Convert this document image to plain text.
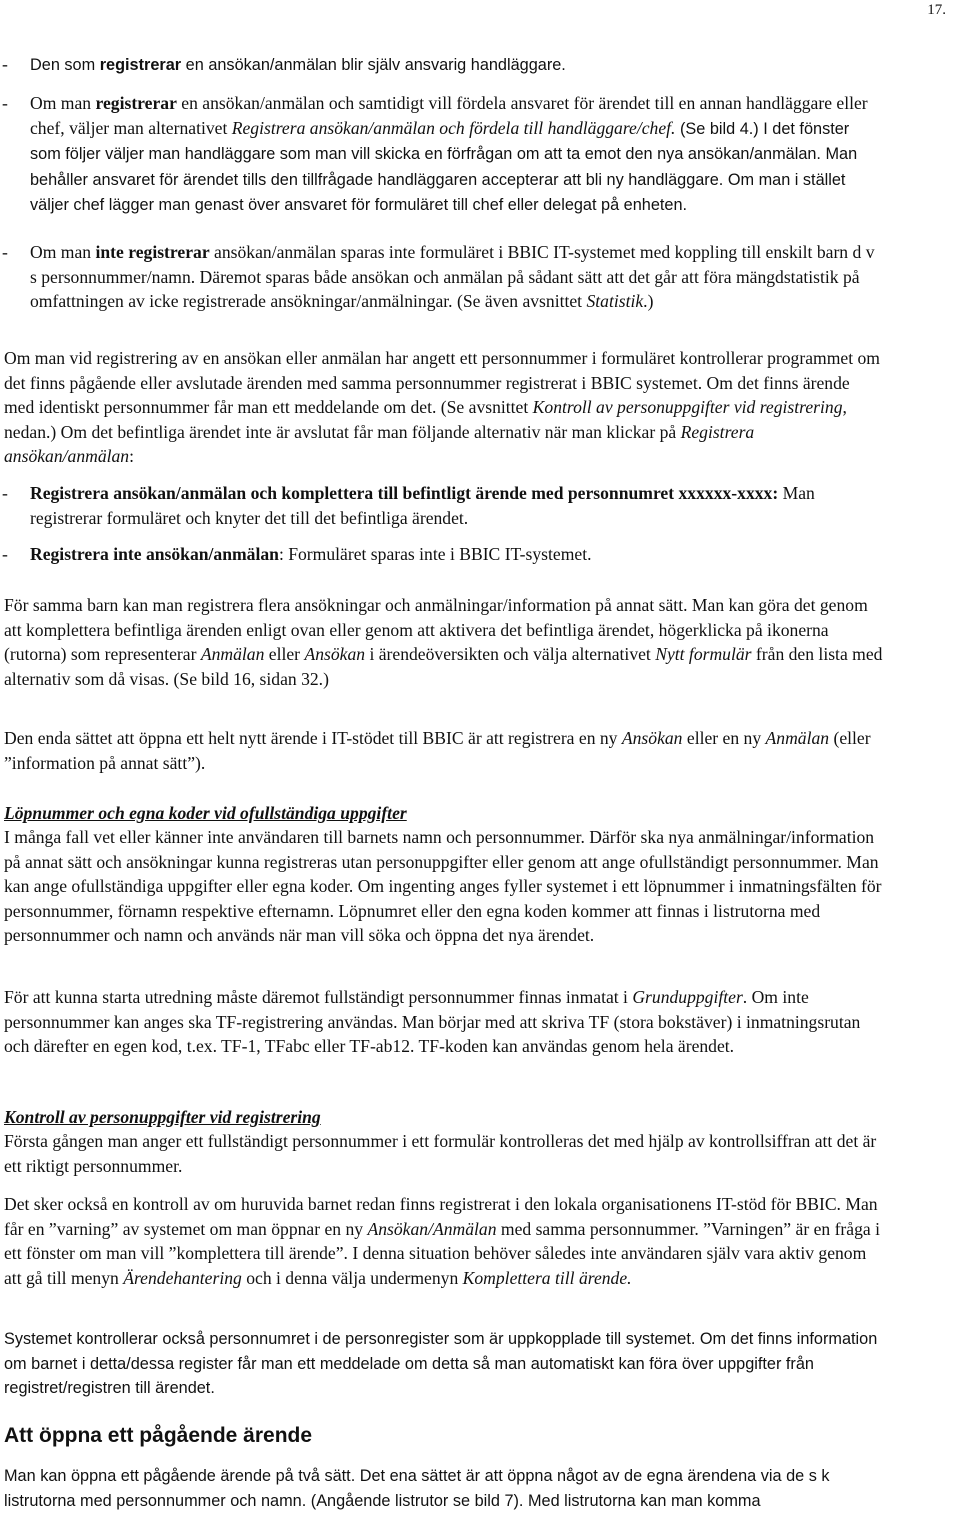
17.
- Den som registrerar en ansökan/anmälan blir själv ansvarig handläggare.
- Om man registrerar en ansökan/anmälan och samtidigt vill fördela ansvaret för ärendet till en annan handläggare eller chef, väljer man alternativet Registrera ansökan/anmälan och fördela till handläggare/chef. (Se bild 4.) I det fönster som följer väljer man handläggare som man vill skicka en förfrågan om att ta emot den nya ansökan/anmälan. Man behåller ansvaret för ärendet tills den tillfrågade handläggaren accepterar att bli ny handläggare. Om man i stället väljer chef lägger man genast över ansvaret för formuläret till chef eller delegat på enheten.
- Om man inte registrerar ansökan/anmälan sparas inte formuläret i BBIC IT-systemet med koppling till enskilt barn d v s personnummer/namn. Däremot sparas både ansökan och anmälan på sådant sätt att det går att föra mängdstatistik på omfattningen av icke registrerade ansökningar/anmälningar. (Se även avsnittet Statistik.)

Om man vid registrering av en ansökan eller anmälan har angett ett personnummer i formuläret kontrollerar programmet om det finns pågående eller avslutade ärenden med samma personnummer registrerat i BBIC systemet. Om det finns ärende med identiskt personnummer får man ett meddelande om det. (Se avsnittet Kontroll av personuppgifter vid registrering, nedan.) Om det befintliga ärendet inte är avslutat får man följande alternativ när man klickar på Registrera ansökan/anmälan:

- Registrera ansökan/anmälan och komplettera till befintligt ärende med personnumret xxxxxx-xxxx: Man registrerar formuläret och knyter det till det befintliga ärendet.
- Registrera inte ansökan/anmälan: Formuläret sparas inte i BBIC IT-systemet.

För samma barn kan man registrera flera ansökningar och anmälningar/information på annat sätt. Man kan göra det genom att komplettera befintliga ärenden enligt ovan eller genom att aktivera det befintliga ärendet, högerklicka på ikonerna (rutorna) som representerar Anmälan eller Ansökan i ärendeöversikten och välja alternativet Nytt formulär från den lista med alternativ som då visas. (Se bild 16, sidan 32.)

Den enda sättet att öppna ett helt nytt ärende i IT-stödet till BBIC är att registrera en ny Ansökan eller en ny Anmälan (eller ”information på annat sätt”).

Löpnummer och egna koder vid ofullständiga uppgifter

I många fall vet eller känner inte användaren till barnets namn och personnummer. Därför ska nya anmälningar/information på annat sätt och ansökningar kunna registreras utan personuppgifter eller genom att ange ofullständigt personnummer. Man kan ange ofullständiga uppgifter eller egna koder. Om ingenting anges fyller systemet i ett löpnummer i inmatningsfälten för personnummer, förnamn respektive efternamn. Löpnumret eller den egna koden kommer att finnas i listrutorna med personnummer och namn och används när man vill söka och öppna det nya ärendet.

För att kunna starta utredning måste däremot fullständigt personnummer finnas inmatat i Grunduppgifter. Om inte personnummer kan anges ska TF-registrering användas. Man börjar med att skriva TF (stora bokstäver) i inmatningsrutan och därefter en egen kod, t.ex. TF-1, TFabc eller TF-ab12. TF-koden kan användas genom hela ärendet.

Kontroll av personuppgifter vid registrering

Första gången man anger ett fullständigt personnummer i ett formulär kontrolleras det med hjälp av kontrollsiffran att det är ett riktigt personnummer.

Det sker också en kontroll av om huruvida barnet redan finns registrerat i den lokala organisationens IT-stöd för BBIC. Man får en ”varning” av systemet om man öppnar en ny Ansökan/Anmälan med samma personnummer. ”Varningen” är en fråga i ett fönster om man vill ”komplettera till ärende”. I denna situation behöver således inte användaren själv vara aktiv genom att gå till menyn Ärendehantering och i denna välja undermenyn Komplettera till ärende.

Systemet kontrollerar också personnumret i de personregister som är uppkopplade till systemet. Om det finns information om barnet i detta/dessa register får man ett meddelade om detta så man automatiskt kan föra över uppgifter från registret/registren till ärendet.

Att öppna ett pågående ärende

Man kan öppna ett pågående ärende på två sätt. Det ena sättet är att öppna något av de egna ärendena via de s k listrutorna med personnummer och namn. (Angående listrutor se bild 7). Med listrutorna kan man komma
